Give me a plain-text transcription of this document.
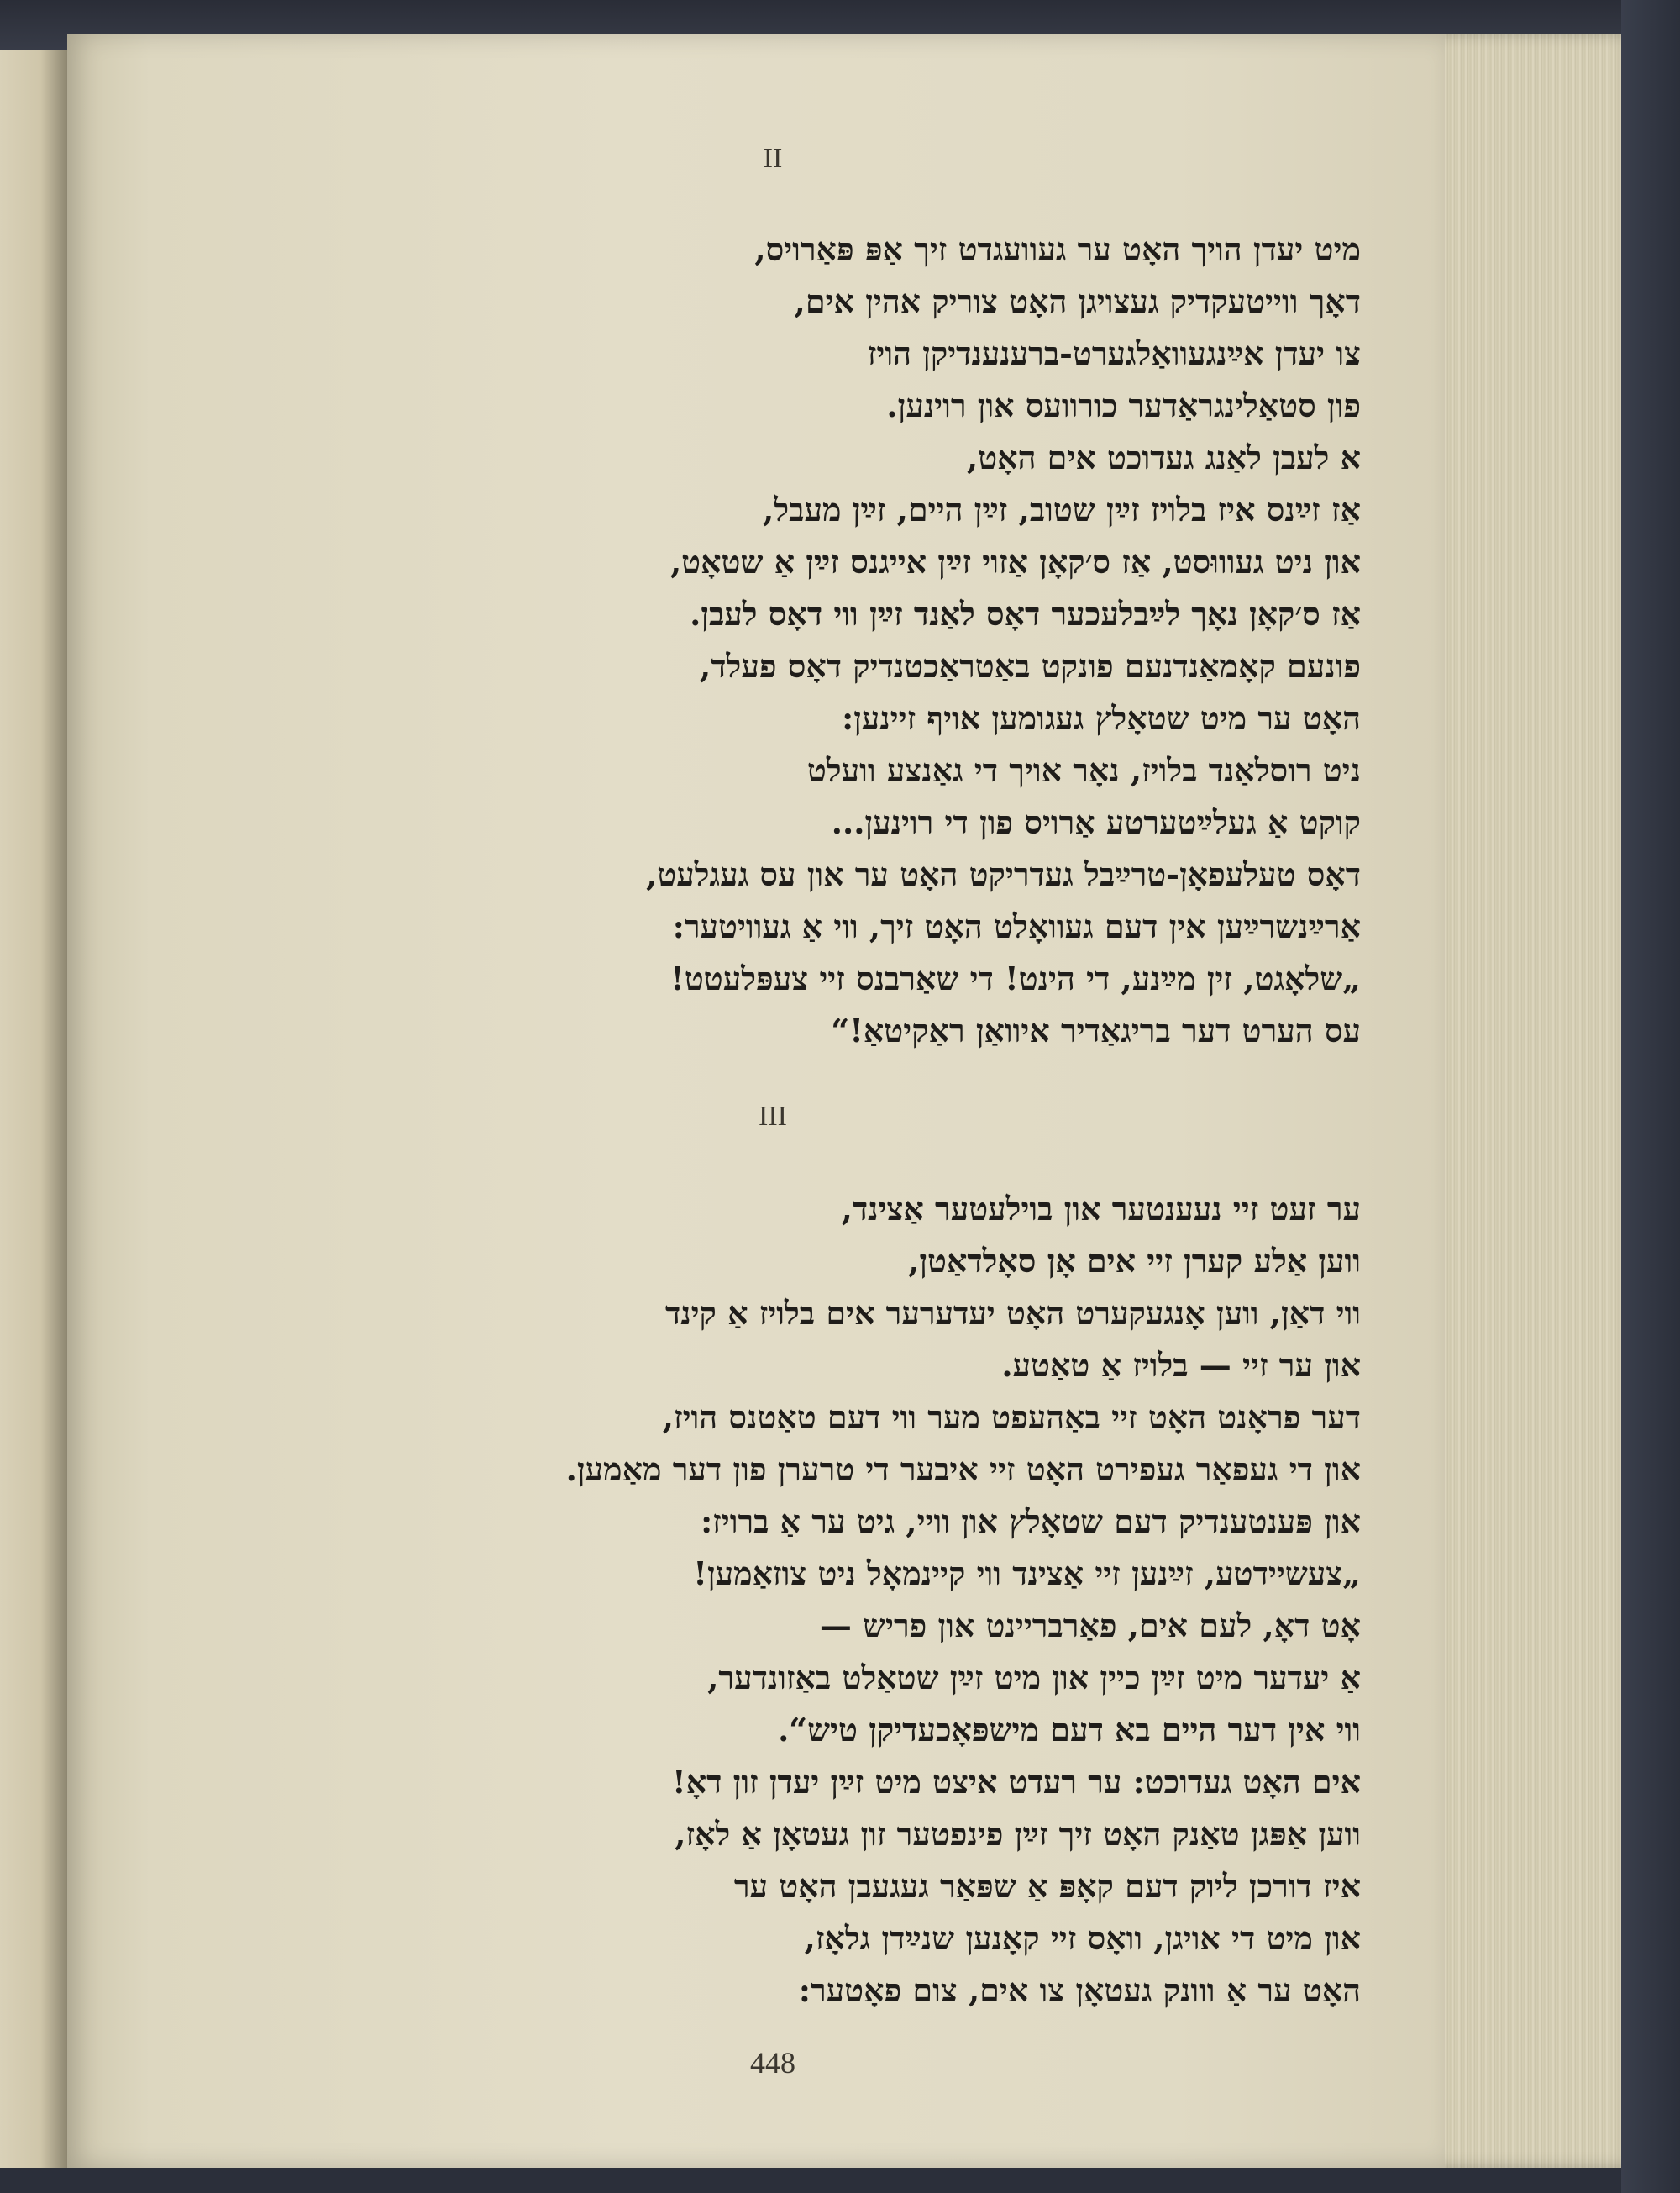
II
מיט יעדן הויך האָט ער געוועגדט זיך אַפּ פּאַרויס,
דאָך ווייטעקדיק געצויגן האָט צוריק אהין אים,
צו יעדן אײַנגעוואַלגערט-ברענענדיקן הויז
פון סטאַלינגראַדער כורוועס און רוינען.
א לעבן לאַנג געדוכט אים האָט,
אַז זײַנס איז בלויז זײַן שטוב, זײַן היים, זײַן מעבל,
און ניט געוווּסט, אַז ס׳קאָן אַזוי זײַן אייגנס זײַן אַ שטאָט,
אַז ס׳קאָן נאָך לײַבלעכער דאָס לאַנד זײַן ווי דאָס לעבן.
פונעם קאָמאַנדנעם פונקט באַטראַכטנדיק דאָס פעלד,
האָט ער מיט שטאָלץ געגומען אויף זיינען:
ניט רוסלאַנד בלויז, נאָר אויך די גאַנצע וועלט
קוקט אַ געלײַטערטע אַרויס פון די רוינען...
דאָס טעלעפאָן-טרײַבל געדריקט האָט ער און עס געגלעט,
אַרײַנשרײַען אין דעם געוואָלט האָט זיך, ווי אַ געוויטער:
„שלאָגט, זין מײַנע, די הינט! די שאַרבנס זיי צעפּלעטט!
עס הערט דער בריגאַדיר איוואַן ראַקיטאַ!“
III
ער זעט זיי נעענטער און בוילעטער אַצינד,
ווען אַלע קערן זיי אים אָן סאָלדאַטן,
ווי דאַן, ווען אָנגעקערט האָט יעדערער אים בלויז אַ קינד
און ער זיי — בלויז אַ טאַטע.
דער פראָנט האָט זיי באַהעפט מער ווי דעם טאַטנס הויז,
און די געפאַר געפירט האָט זיי איבער די טרערן פון דער מאַמען.
און פּענטענדיק דעם שטאָלץ און וויי, גיט ער אַ ברויז:
„צעשיידטע, זײַנען זיי אַצינד ווי קיינמאָל ניט צוזאַמען!
אָט דאָ, לעם אים, פאַרבריינט און פריש —
אַ יעדער מיט זײַן כיין און מיט זײַן שטאַלט באַזונדער,
ווי אין דער היים בא דעם מישפּאָכעדיקן טיש“.
אים האָט געדוכט: ער רעדט איצט מיט זײַן יעדן זון דאָ!
ווען אַפּגן טאַנק האָט זיך זײַן פינפטער זון געטאָן אַ לאָז,
איז דורכן ליוק דעם קאָפּ אַ שפּאַר געגעבן האָט ער
און מיט די אויגן, וואָס זיי קאָנען שנײַדן גלאָז,
האָט ער אַ ווונק געטאָן צו אים, צום פאָטער:
448
